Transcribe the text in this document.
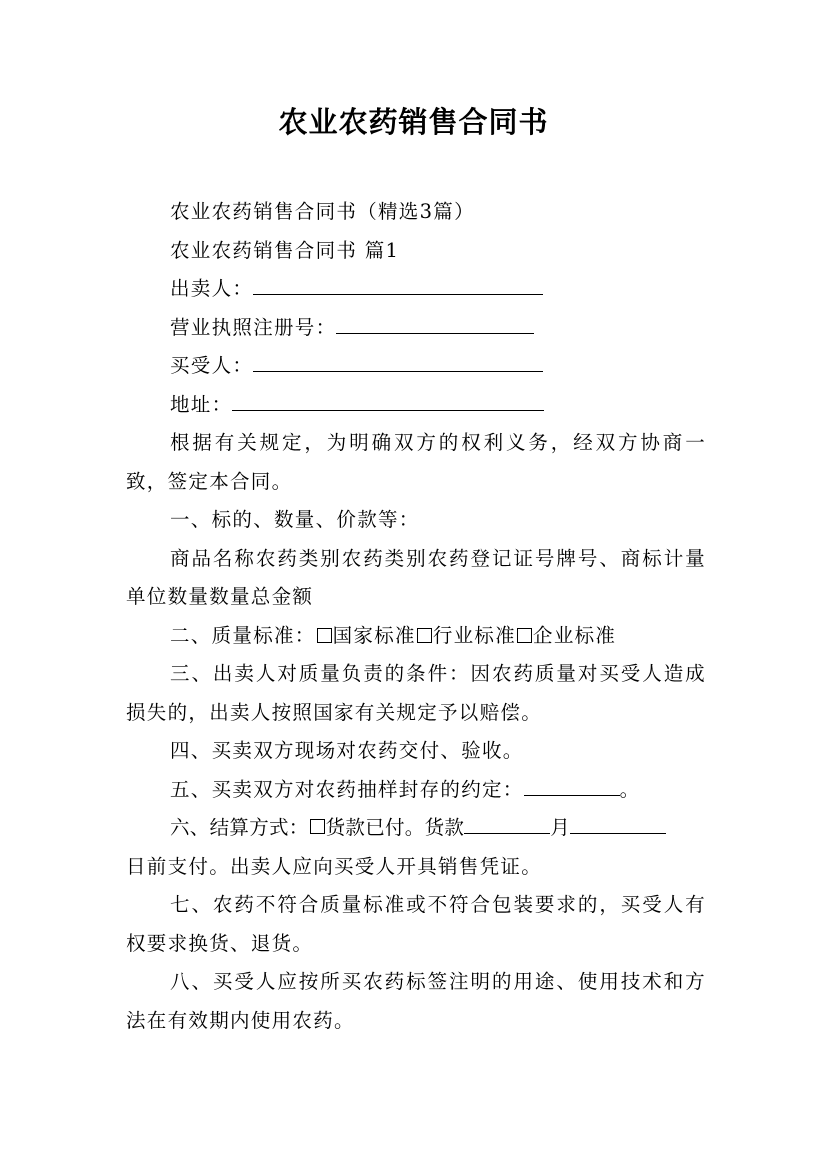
农业农药销售合同书
农业农药销售合同书（精选3篇）
农业农药销售合同书 篇1
出卖人：
营业执照注册号：
买受人：
地址：
根据有关规定，为明确双方的权利义务，经双方协商一致，签定本合同。
一、标的、数量、价款等：
商品名称农药类别农药类别农药登记证号牌号、商标计量单位数量数量总金额
二、质量标准： 国家标准 行业标准 企业标准
三、出卖人对质量负责的条件：因农药质量对买受人造成损失的，出卖人按照国家有关规定予以赔偿。
四、买卖双方现场对农药交付、验收。
五、买卖双方对农药抽样封存的约定：	。
六、结算方式： 货款已付。货款	月
日前支付。出卖人应向买受人开具销售凭证。
七、农药不符合质量标准或不符合包装要求的，买受人有权要求换货、退货。
八、买受人应按所买农药标签注明的用途、使用技术和方法在有效期内使用农药。
